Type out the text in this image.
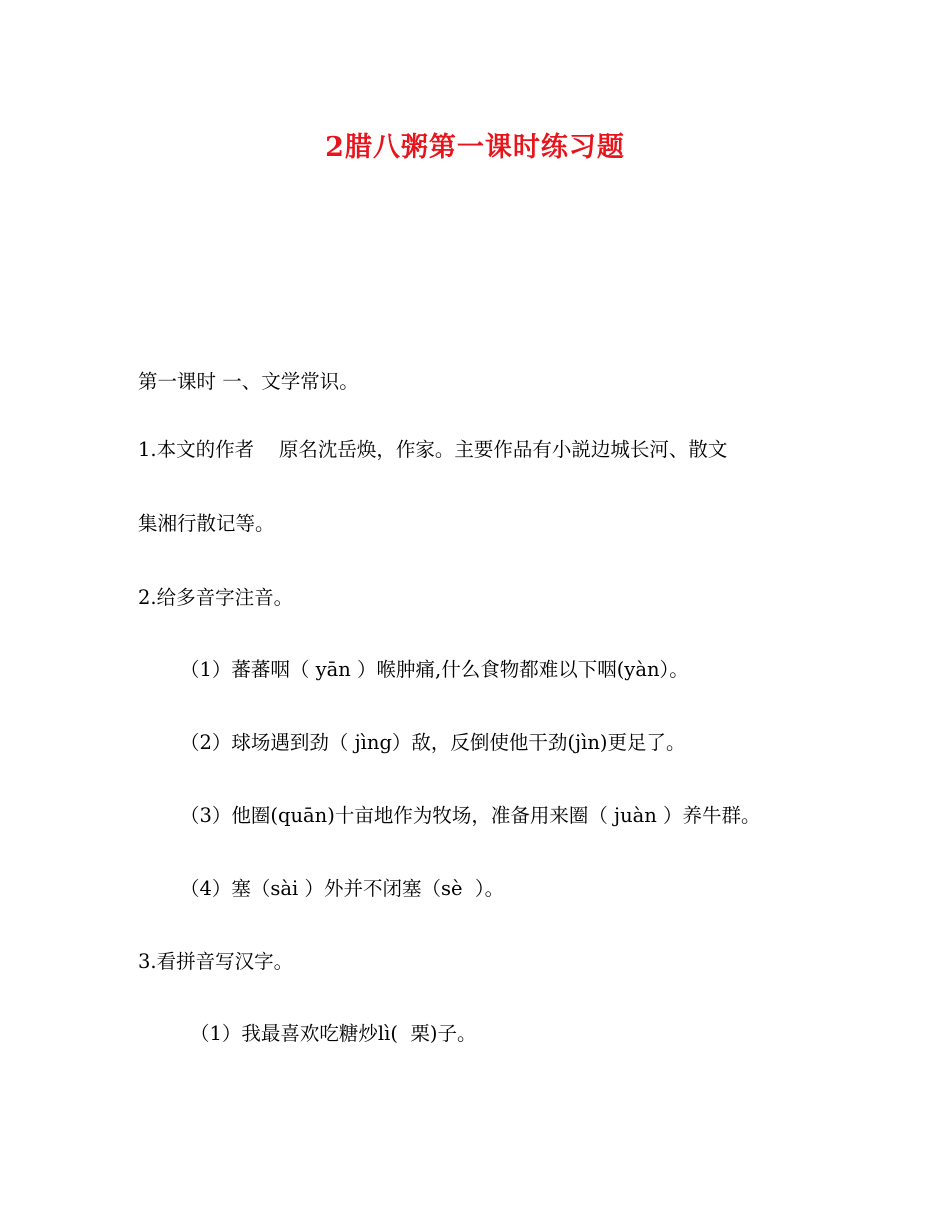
2腊八粥第一课时练习题
第一课时 一、文学常识。
1.本文的作者    原名沈岳焕，作家。主要作品有小説边城长河、散文
集湘行散记等。
2.给多音字注音。
（1）蕃蕃咽（ yān ）喉肿痛,什么食物都难以下咽(yàn）。
（2）球场遇到劲（ jìng）敌，反倒使他干劲(jìn)更足了。
（3）他圈(quān)十亩地作为牧场，准备用来圈（ juàn ）养牛群。
（4）塞（sài ）外并不闭塞（sè  ）。
3.看拼音写汉字。
（1）我最喜欢吃糖炒lì(  栗)子。
